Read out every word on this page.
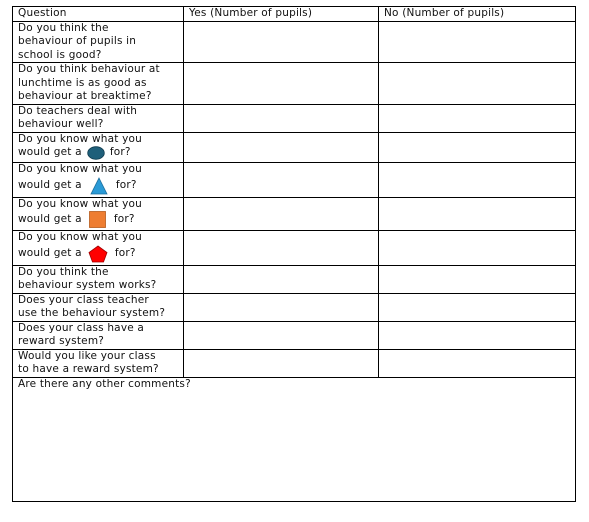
Question	Yes (Number of pupils)	No (Number of pupils)

Do you think the
behaviour of pupils in
school is good?		

Do you think behaviour at
lunchtime is as good as
behaviour at breaktime?		

Do teachers deal with
behaviour well?		

Do you know what you
would get a for?		

Do you know what you
would get a for?		

Do you know what you
would get a for?		

Do you know what you
would get a for?		

Do you think the
behaviour system works?		

Does your class teacher
use the behaviour system?		

Does your class have a
reward system?		

Would you like your class
to have a reward system?		

Are there any other comments?		
